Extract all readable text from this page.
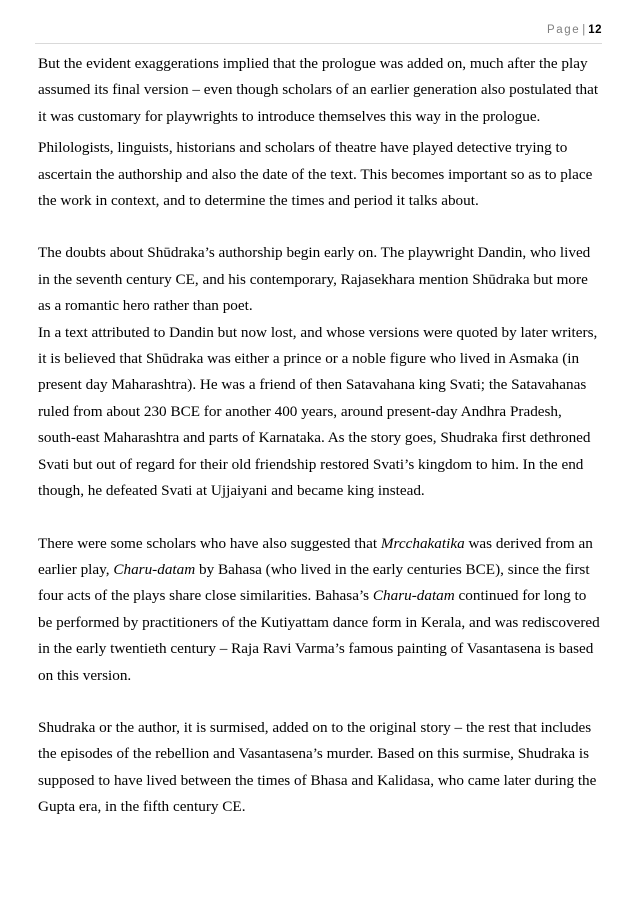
Page | 12

But the evident exaggerations implied that the prologue was added on, much after the play assumed its final version – even though scholars of an earlier generation also postulated that it was customary for playwrights to introduce themselves this way in the prologue.

Philologists, linguists, historians and scholars of theatre have played detective trying to ascertain the authorship and also the date of the text. This becomes important so as to place the work in context, and to determine the times and period it talks about.

The doubts about Shūdraka’s authorship begin early on. The playwright Dandin, who lived in the seventh century CE, and his contemporary, Rajasekhara mention Shūdraka but more as a romantic hero rather than poet.

In a text attributed to Dandin but now lost, and whose versions were quoted by later writers, it is believed that Shūdraka was either a prince or a noble figure who lived in Asmaka (in present day Maharashtra). He was a friend of then Satavahana king Svati; the Satavahanas ruled from about 230 BCE for another 400 years, around present-day Andhra Pradesh, south-east Maharashtra and parts of Karnataka. As the story goes, Shudraka first dethroned Svati but out of regard for their old friendship restored Svati’s kingdom to him. In the end though, he defeated Svati at Ujjaiyani and became king instead.

There were some scholars who have also suggested that Mrcchakatika was derived from an earlier play, Charu-datam by Bahasa (who lived in the early centuries BCE), since the first four acts of the plays share close similarities. Bahasa’s Charu-datam continued for long to be performed by practitioners of the Kutiyattam dance form in Kerala, and was rediscovered in the early twentieth century – Raja Ravi Varma’s famous painting of Vasantasena is based on this version.

Shudraka or the author, it is surmised, added on to the original story – the rest that includes the episodes of the rebellion and Vasantasena’s murder. Based on this surmise, Shudraka is supposed to have lived between the times of Bhasa and Kalidasa, who came later during the Gupta era, in the fifth century CE.
